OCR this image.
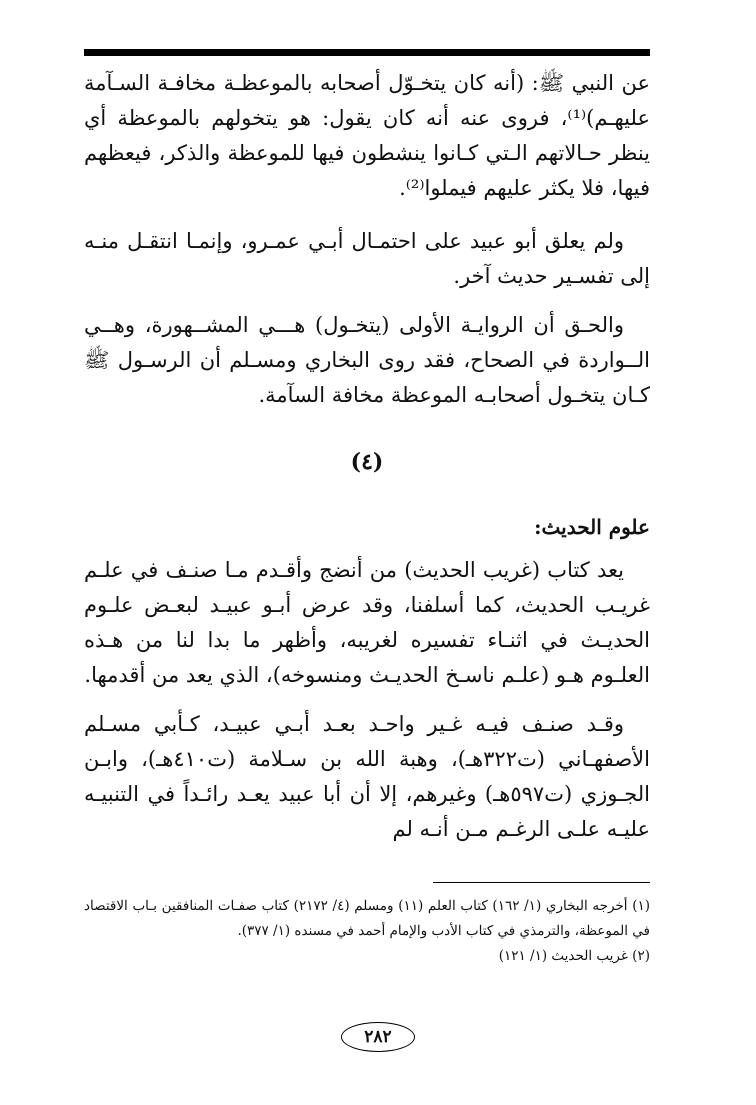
عن النبي ﷺ: (أنه كان يتخـوّل أصحابه بالموعظـة مخافـة السـآمة عليهـم)⁽¹⁾، فروى عنه أنه كان يقول: هو يتخولهم بالموعظة أي ينظر حـالاتهم الـتي كـانوا ينشطون فيها للموعظة والذكر، فيعظهم فيها، فلا يكثر عليهم فيملوا⁽²⁾.

ولم يعلق أبو عبيد على احتمـال أبـي عمـرو، وإنمـا انتقـل منـه إلى تفسـير حديث آخر.

والحـق أن الروايـة الأولى (يتخـول) هـــي المشــهورة، وهــي الــواردة في الصحاح، فقد روى البخاري ومسـلم أن الرسـول ﷺ كـان يتخـول أصحابـه الموعظة مخافة السآمة.

(٤)
علوم الحديث:

يعد كتاب (غريب الحديث) من أنضج وأقـدم مـا صنـف في علـم غريـب الحديث، كما أسلفنا، وقد عرض أبـو عبيـد لبعـض علـوم الحديـث في اثنـاء تفسيره لغريبه، وأظهر ما بدا لنا من هـذه العلـوم هـو (علـم ناسـخ الحديـث ومنسوخه)، الذي يعد من أقدمها.

وقـد صنـف فيـه غـير واحـد بعـد أبـي عبيـد، كـأبي مسـلم الأصفهـاني (ت٣٢٢هـ)، وهبة الله بن سـلامة (ت٤١٠هـ)، وابـن الجـوزي (ت٥٩٧هـ) وغيرهم، إلا أن أبا عبيد يعـد رائـداً في التنبيـه عليـه علـى الرغـم مـن أنـه لم

(١) أخرجه البخاري (١/ ١٦٢) كتاب العلم (١١) ومسلم (٤/ ٢١٧٢) كتاب صفـات المنافقين بـاب الاقتصاد في الموعظة، والترمذي في كتاب الأدب والإمام أحمد في مسنده (١/ ٣٧٧).

(٢) غريب الحديث (١/ ١٢١)

٢٨٢
